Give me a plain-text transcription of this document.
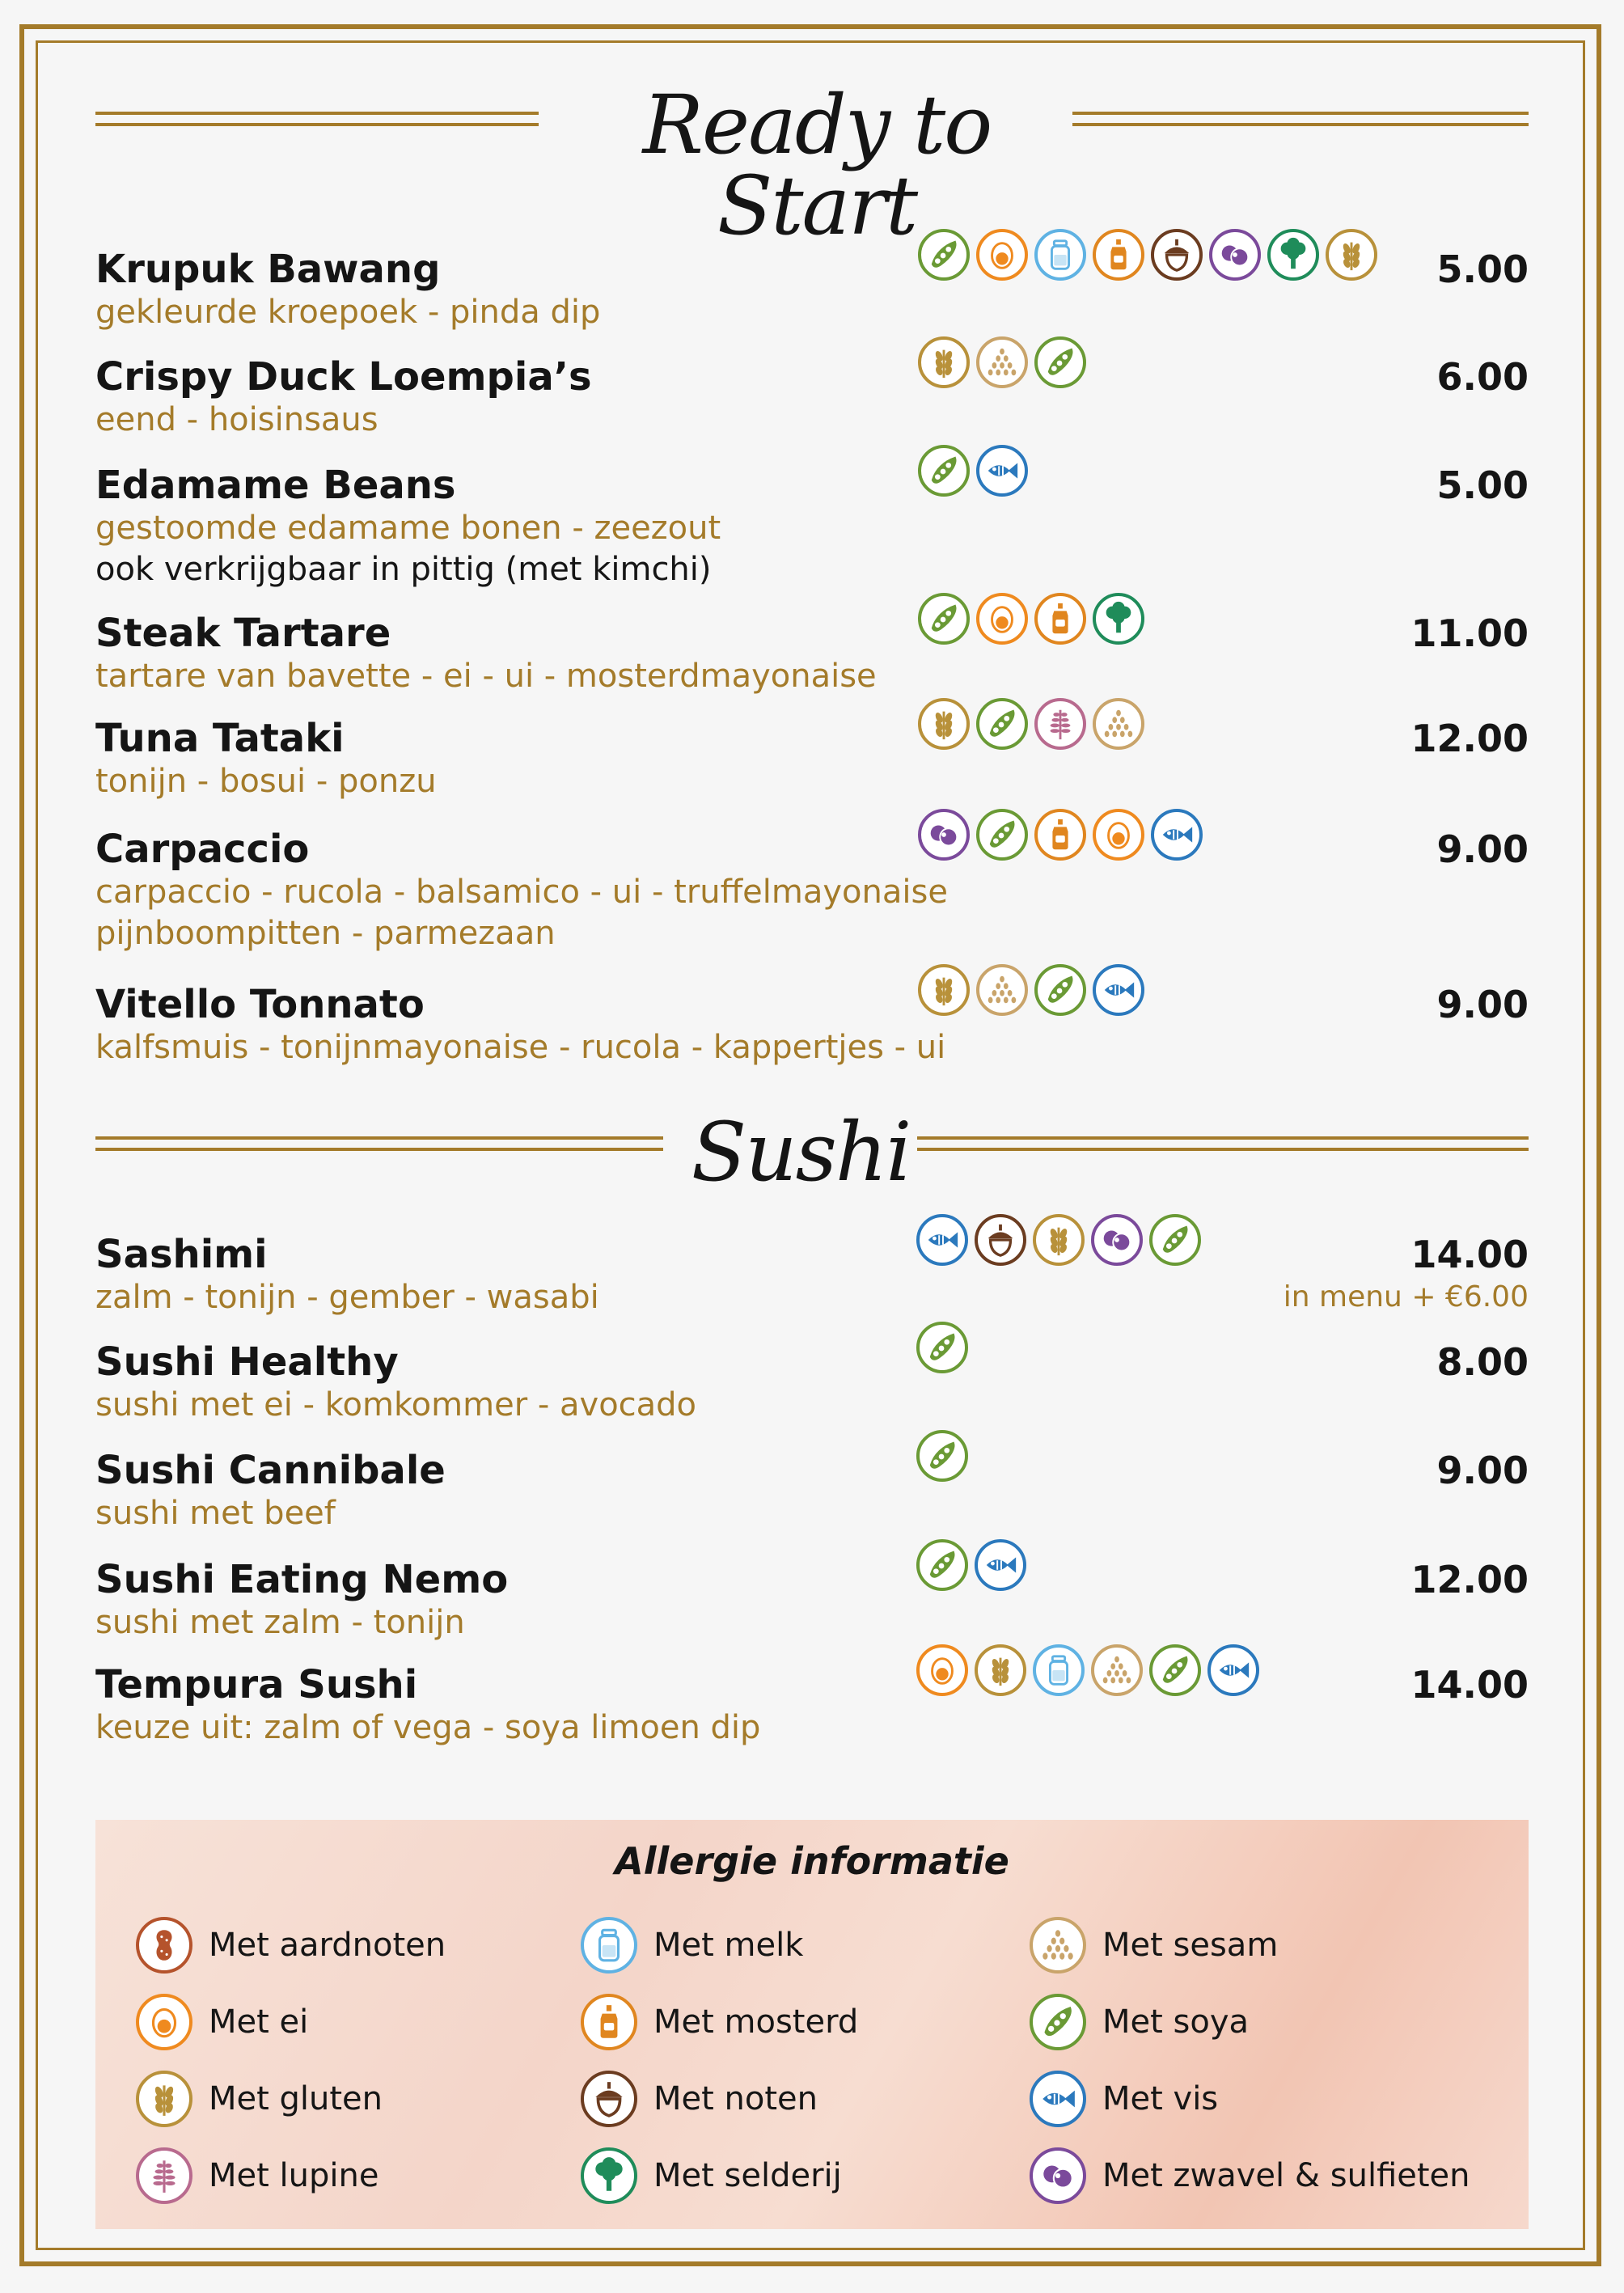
Ready to Start
Krupuk Bawang
gekleurde kroepoek - pinda dip
5.00
Crispy Duck Loempia’s
eend - hoisinsaus
6.00
Edamame Beans
gestoomde edamame bonen - zeezout
ook verkrijgbaar in pittig (met kimchi)
5.00
Steak Tartare
tartare van bavette - ei - ui - mosterdmayonaise
11.00
Tuna Tataki
tonijn - bosui - ponzu
12.00
Carpaccio
carpaccio - rucola - balsamico - ui - truffelmayonaise
pijnboompitten - parmezaan
9.00
Vitello Tonnato
kalfsmuis - tonijnmayonaise - rucola - kappertjes - ui
9.00
Sushi
Sashimi
zalm - tonijn - gember - wasabi
14.00
in menu + €6.00
Sushi Healthy
sushi met ei - komkommer - avocado
8.00
Sushi Cannibale
sushi met beef
9.00
Sushi Eating Nemo
sushi met zalm - tonijn
12.00
Tempura Sushi
keuze uit: zalm of vega - soya limoen dip
14.00
Allergie informatie
Met aardnoten
Met ei
Met gluten
Met lupine
Met melk
Met mosterd
Met noten
Met selderij
Met sesam
Met soya
Met vis
Met zwavel & sulfieten
